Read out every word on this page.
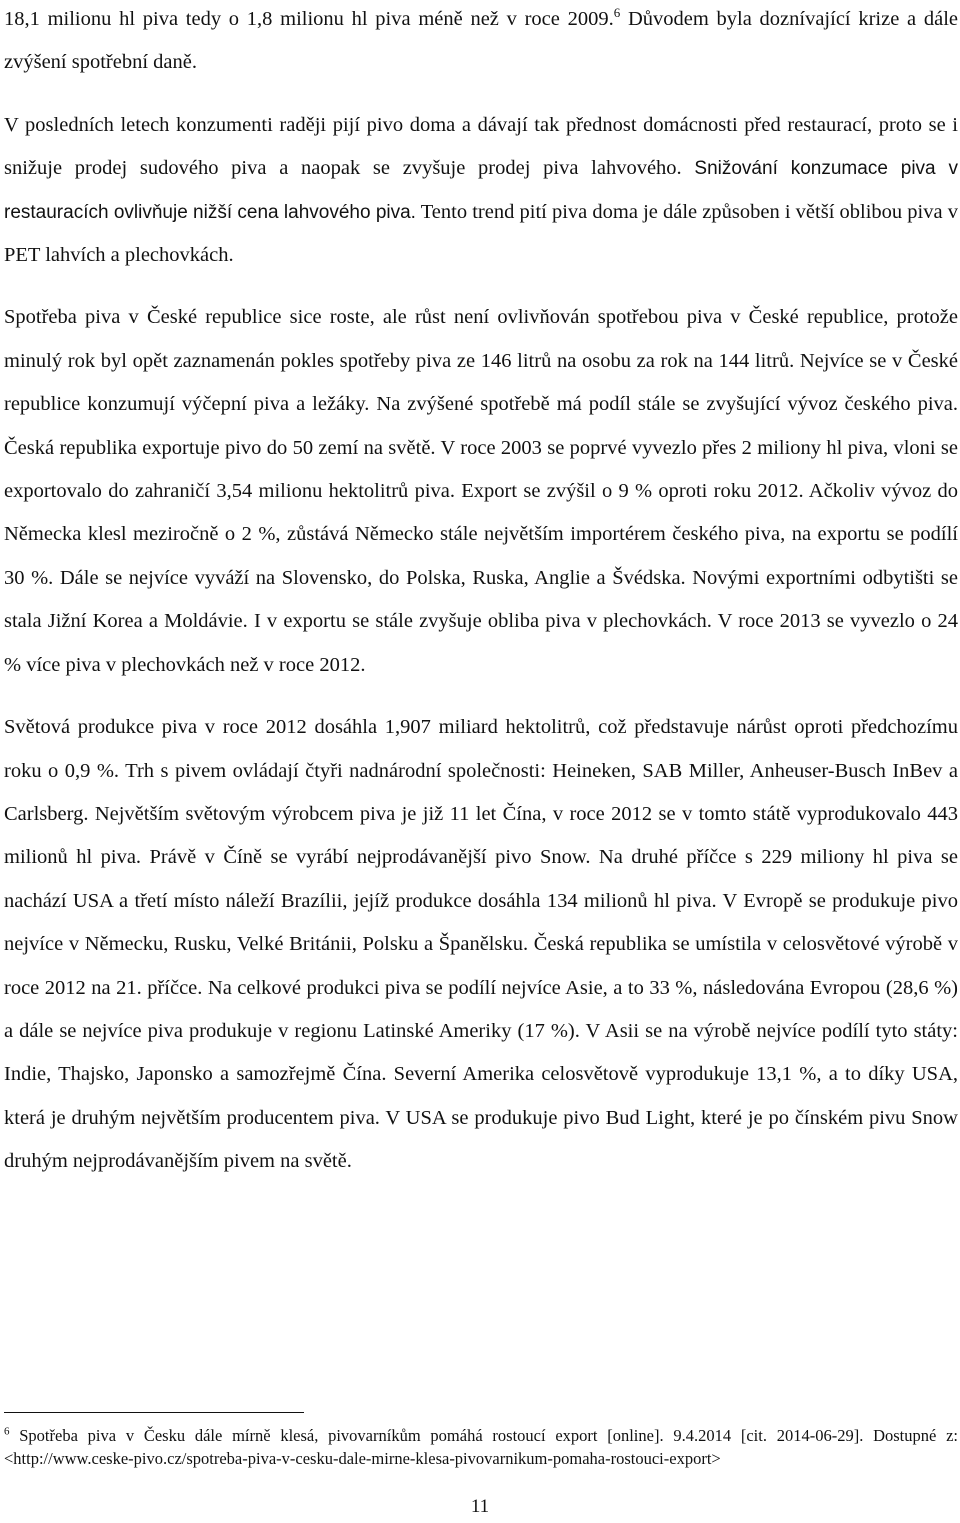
18,1 milionu hl piva tedy o 1,8 milionu hl piva méně než v roce 2009.$^6$ Důvodem byla doznívající krize a dále zvýšení spotřební daně.

V posledních letech konzumenti raději pijí pivo doma a dávají tak přednost domácnosti před restaurací, proto se i snižuje prodej sudového piva a naopak se zvyšuje prodej piva lahvového. Snižování konzumace piva v restauracích ovlivňuje nižší cena lahvového piva. Tento trend pití piva doma je dále způsoben i větší oblibou piva v PET lahvích a plechovkách.

Spotřeba piva v České republice sice roste, ale růst není ovlivňován spotřebou piva v České republice, protože minulý rok byl opět zaznamenán pokles spotřeby piva ze 146 litrů na osobu za rok na 144 litrů. Nejvíce se v České republice konzumují výčepní piva a ležáky. Na zvýšené spotřebě má podíl stále se zvyšující vývoz českého piva. Česká republika exportuje pivo do 50 zemí na světě. V roce 2003 se poprvé vyvezlo přes 2 miliony hl piva, vloni se exportovalo do zahraničí 3,54 milionu hektolitrů piva. Export se zvýšil o 9 % oproti roku 2012. Ačkoliv vývoz do Německa klesl meziročně o 2 %, zůstává Německo stále největším importérem českého piva, na exportu se podílí 30 %. Dále se nejvíce vyváží na Slovensko, do Polska, Ruska, Anglie a Švédska. Novými exportními odbytišti se stala Jižní Korea a Moldávie. I v exportu se stále zvyšuje obliba piva v plechovkách. V roce 2013 se vyvezlo o 24 % více piva v plechovkách než v roce 2012.

Světová produkce piva v roce 2012 dosáhla 1,907 miliard hektolitrů, což představuje nárůst oproti předchozímu roku o 0,9 %. Trh s pivem ovládají čtyři nadnárodní společnosti: Heineken, SAB Miller, Anheuser-Busch InBev a Carlsberg. Největším světovým výrobcem piva je již 11 let Čína, v roce 2012 se v tomto státě vyprodukovalo 443 milionů hl piva. Právě v Číně se vyrábí nejprodávanější pivo Snow. Na druhé příčce s 229 miliony hl piva se nachází USA a třetí místo náleží Brazílii, jejíž produkce dosáhla 134 milionů hl piva. V Evropě se produkuje pivo nejvíce v Německu, Rusku, Velké Británii, Polsku a Španělsku. Česká republika se umístila v celosvětové výrobě v roce 2012 na 21. příčce. Na celkové produkci piva se podílí nejvíce Asie, a to 33 %, následována Evropou (28,6 %) a dále se nejvíce piva produkuje v regionu Latinské Ameriky (17 %). V Asii se na výrobě nejvíce podílí tyto státy: Indie, Thajsko, Japonsko a samozřejmě Čína. Severní Amerika celosvětově vyprodukuje 13,1 %, a to díky USA, která je druhým největším producentem piva. V USA se produkuje pivo Bud Light, které je po čínském pivu Snow druhým nejprodávanějším pivem na světě.

$^6$ Spotřeba piva v Česku dále mírně klesá, pivovarníkům pomáhá rostoucí export [online]. 9.4.2014 [cit. 2014-06-29]. Dostupné z: <http://www.ceske-pivo.cz/spotreba-piva-v-cesku-dale-mirne-klesa-pivovarnikum-pomaha-rostouci-export>

11
